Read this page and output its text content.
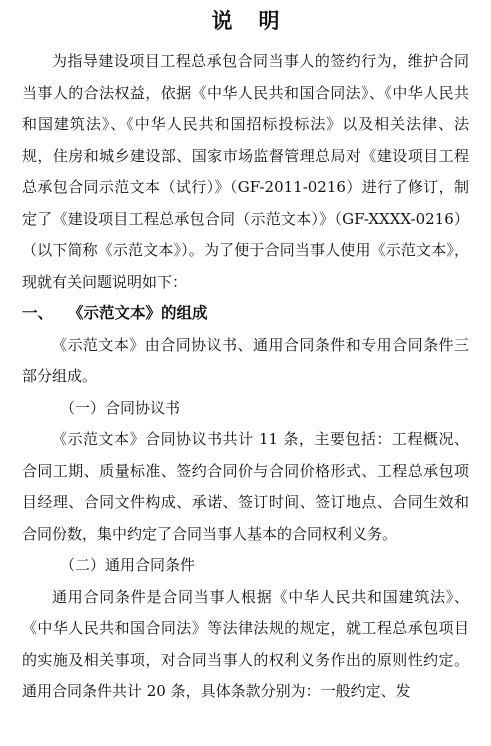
说明

为指导建设项目工程总承包合同当事人的签约行为，维护合同当事人的合法权益，依据《中华人民共和国合同法》、《中华人民共和国建筑法》、《中华人民共和国招标投标法》以及相关法律、法规，住房和城乡建设部、国家市场监督管理总局对《建设项目工程总承包合同示范文本（试行）》（GF-2011-0216）进行了修订，制定了《建设项目工程总承包合同（示范文本）》（GF-XXXX-0216）（以下简称《示范文本》）。为了便于合同当事人使用《示范文本》，现就有关问题说明如下：

一、 《示范文本》的组成

《示范文本》由合同协议书、通用合同条件和专用合同条件三部分组成。

（一）合同协议书

《示范文本》合同协议书共计 11 条，主要包括：工程概况、合同工期、质量标准、签约合同价与合同价格形式、工程总承包项目经理、合同文件构成、承诺、签订时间、签订地点、合同生效和合同份数，集中约定了合同当事人基本的合同权利义务。

（二）通用合同条件

通用合同条件是合同当事人根据《中华人民共和国建筑法》、《中华人民共和国合同法》等法律法规的规定，就工程总承包项目的实施及相关事项，对合同当事人的权利义务作出的原则性约定。通用合同条件共计 20 条，具体条款分别为：一般约定、发
